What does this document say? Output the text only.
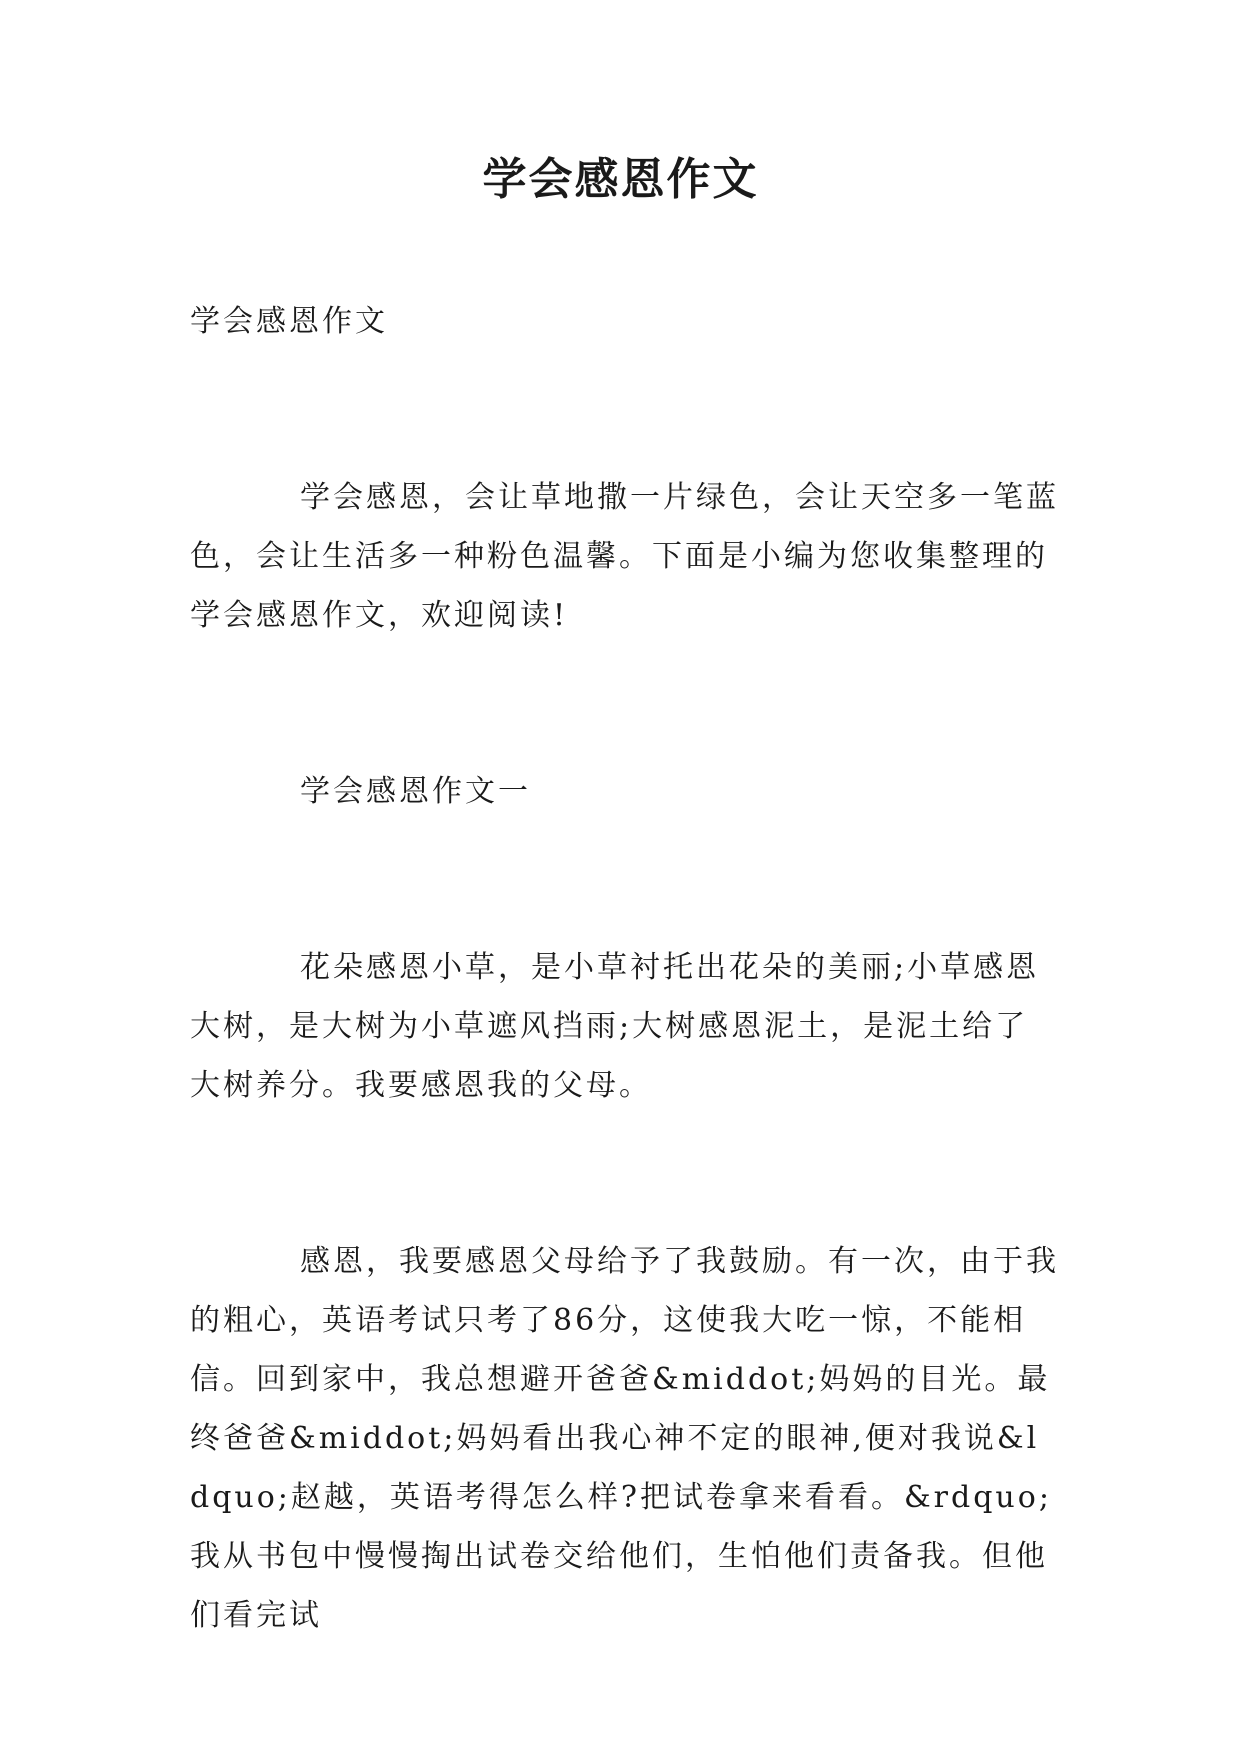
学会感恩作文

学会感恩作文

学会感恩，会让草地撒一片绿色，会让天空多一笔蓝色，会让生活多一种粉色温馨。下面是小编为您收集整理的学会感恩作文，欢迎阅读!

学会感恩作文一

花朵感恩小草，是小草衬托出花朵的美丽;小草感恩大树，是大树为小草遮风挡雨;大树感恩泥土，是泥土给了大树养分。我要感恩我的父母。

感恩，我要感恩父母给予了我鼓励。有一次，由于我的粗心，英语考试只考了86分，这使我大吃一惊，不能相信。回到家中，我总想避开爸爸&middot;妈妈的目光。最终爸爸&middot;妈妈看出我心神不定的眼神,便对我说&ldquo;赵越，英语考得怎么样?把试卷拿来看看。&rdquo;我从书包中慢慢掏出试卷交给他们，生怕他们责备我。但他们看完试
